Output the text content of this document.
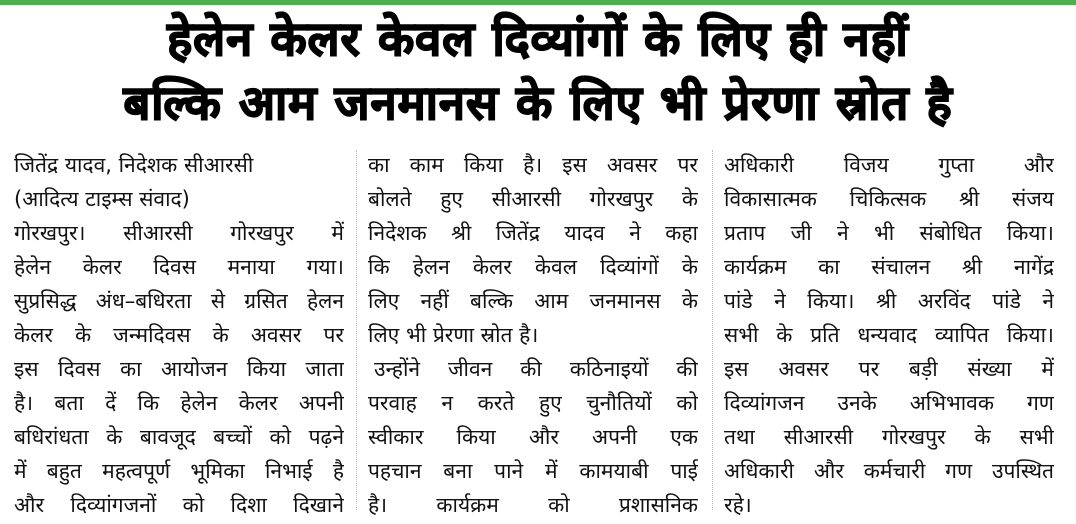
हेलेन केलर केवल दिव्यांगों के लिए ही नहीं
बल्कि आम जनमानस के लिए भी प्रेरणा स्रोत है
जितेंद्र यादव, निदेशक सीआरसी
(आदित्य टाइम्स संवाद)
गोरखपुर। सीआरसी गोरखपुर में
हेलेन केलर दिवस मनाया गया।
सुप्रसिद्ध अंध–बधिरता से ग्रसित हेलन
केलर के जन्मदिवस के अवसर पर
इस दिवस का आयोजन किया जाता
है। बता दें कि हेलेन केलर अपनी
बधिरांधता के बावजूद बच्चों को पढ़ने
में बहुत महत्वपूर्ण भूमिका निभाई है
और दिव्यांगजनों को दिशा दिखाने
का काम किया है। इस अवसर पर
बोलते हुए सीआरसी गोरखपुर के
निदेशक श्री जितेंद्र यादव ने कहा
कि हेलन केलर केवल दिव्यांगों के
लिए नहीं बल्कि आम जनमानस के
लिए भी प्रेरणा स्रोत है।
उन्होंने जीवन की कठिनाइयों की
परवाह न करते हुए चुनौतियों को
स्वीकार किया और अपनी एक
पहचान बना पाने में कामयाबी पाई
है। कार्यक्रम को प्रशासनिक
अधिकारी विजय गुप्ता और
विकासात्मक चिकित्सक श्री संजय
प्रताप जी ने भी संबोधित किया।
कार्यक्रम का संचालन श्री नागेंद्र
पांडे ने किया। श्री अरविंद पांडे ने
सभी के प्रति धन्यवाद व्यापित किया।
इस अवसर पर बड़ी संख्या में
दिव्यांगजन उनके अभिभावक गण
तथा सीआरसी गोरखपुर के सभी
अधिकारी और कर्मचारी गण उपस्थित
रहे।
